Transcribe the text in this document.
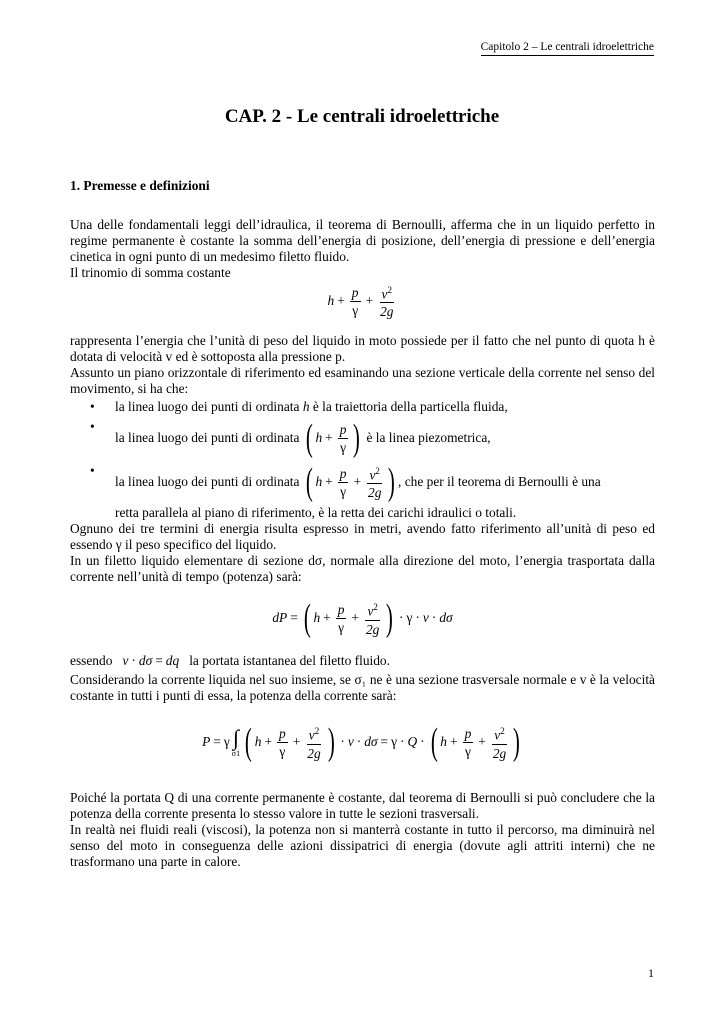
Capitolo 2 – Le centrali idroelettriche
CAP. 2 - Le centrali idroelettriche
1. Premesse e definizioni

Una delle fondamentali leggi dell’idraulica, il teorema di Bernoulli, afferma che in un liquido perfetto in regime permanente è costante la somma dell’energia di posizione, dell’energia di pressione e dell’energia cinetica in ogni punto di un medesimo filetto fluido.

Il trinomio di somma costante

$h + \frac{p}{\gamma} + \frac{v^2}{2g}$

rappresenta l’energia che l’unità di peso del liquido in moto possiede per il fatto che nel punto di quota h è dotata di velocità v ed è sottoposta alla pressione p.

Assunto un piano orizzontale di riferimento ed esaminando una sezione verticale della corrente nel senso del movimento, si ha che:

• la linea luogo dei punti di ordinata h è la traiettoria della particella fluida,
• la linea luogo dei punti di ordinata
( $h + \frac{p}{\gamma}$ )
è la linea piezometrica,
• la linea luogo dei punti di ordinata
( $h + \frac{p}{\gamma} + \frac{v^2}{2g}$ ) , che per il teorema di Bernoulli è una

retta parallela al piano di riferimento, è la retta dei carichi idraulici o totali.

Ognuno dei tre termini di energia risulta espresso in metri, avendo fatto riferimento all’unità di peso ed essendo γ il peso specifico del liquido.

In un filetto liquido elementare di sezione dσ, normale alla direzione del moto, l’energia trasportata dalla corrente nell’unità di tempo (potenza) sarà:

dP = ( $h + \frac{p}{\gamma} + \frac{v^2}{2g}$ ) · γ · v · dσ

essendo v · dσ = dq la portata istantanea del filetto fluido.

Considerando la corrente liquida nel suo insieme, se σ₁ ne è una sezione trasversale normale e v è la velocità costante in tutti i punti di essa, la potenza della corrente sarà:

P = γ ∫
σ1 ( $h + \frac{p}{\gamma} + \frac{v^2}{2g}$ ) · v · dσ = γ · Q · ( $h + \frac{p}{\gamma} + \frac{v^2}{2g}$ )

Poiché la portata Q di una corrente permanente è costante, dal teorema di Bernoulli si può concludere che la potenza della corrente presenta lo stesso valore in tutte le sezioni trasversali.

In realtà nei fluidi reali (viscosi), la potenza non si manterrà costante in tutto il percorso, ma diminuirà nel senso del moto in conseguenza delle azioni dissipatrici di energia (dovute agli attriti interni) che ne trasformano una parte in calore.

1
